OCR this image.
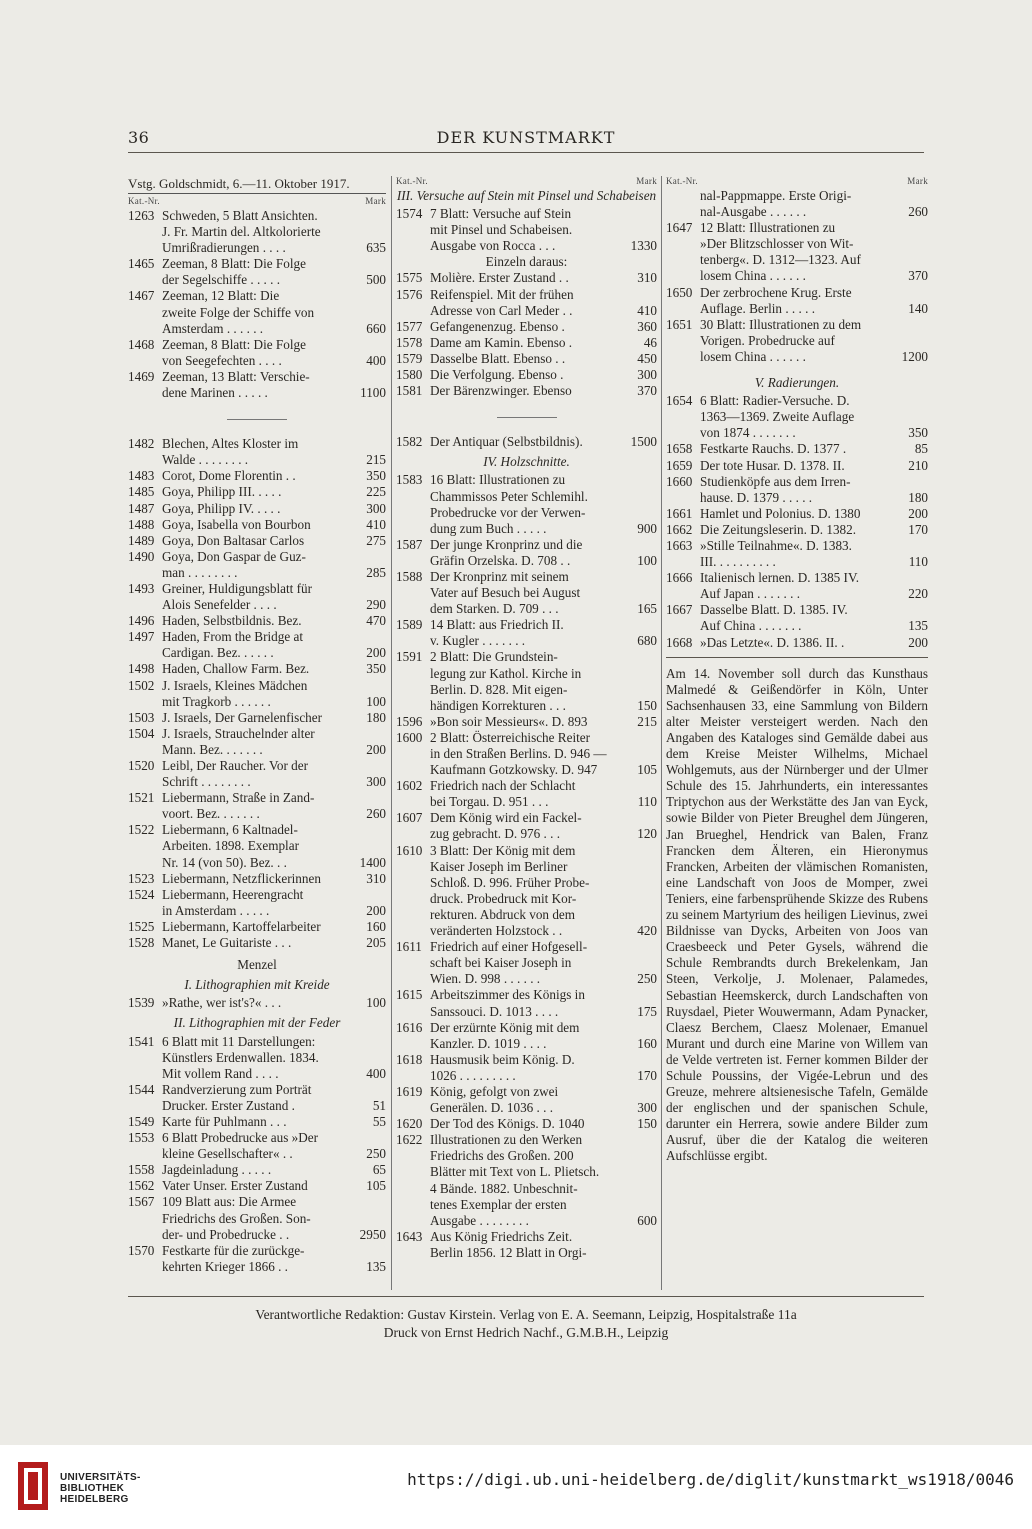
36	DER KUNSTMARKT
Vstg. Goldschmidt, 6.—11. Oktober 1917.
Kat.-Nr.	Mark
1263 Schweden, 5 Blatt Ansichten.
J. Fr. Martin del. Altkolorierte
Umrißradierungen . . . .	635
1465 Zeeman, 8 Blatt: Die Folge
der Segelschiffe . . . . .	500
1467 Zeeman, 12 Blatt: Die
zweite Folge der Schiffe von
Amsterdam . . . . . .	660
1468 Zeeman, 8 Blatt: Die Folge
von Seegefechten . . . .	400
1469 Zeeman, 13 Blatt: Verschie-
dene Marinen . . . . .	1100
1482 Blechen, Altes Kloster im
Walde . . . . . . . .	215
1483 Corot, Dome Florentin . .	350
1485 Goya, Philipp III. . . . .	225
1487 Goya, Philipp IV. . . . .	300
1488 Goya, Isabella von Bourbon	410
1489 Goya, Don Baltasar Carlos	275
1490 Goya, Don Gaspar de Guz-
man . . . . . . . .	285
1493 Greiner, Huldigungsblatt für
Alois Senefelder . . . .	290
1496 Haden, Selbstbildnis. Bez.	470
1497 Haden, From the Bridge at
Cardigan. Bez. . . . . .	200
1498 Haden, Challow Farm. Bez.	350
1502 J. Israels, Kleines Mädchen
mit Tragkorb . . . . . .	100
1503 J. Israels, Der Garnelenfischer	180
1504 J. Israels, Strauchelnder alter
Mann. Bez. . . . . . .	200
1520 Leibl, Der Raucher. Vor der
Schrift . . . . . . . .	300
1521 Liebermann, Straße in Zand-
voort. Bez. . . . . . .	260
1522 Liebermann, 6 Kaltnadel-
Arbeiten. 1898. Exemplar
Nr. 14 (von 50). Bez. . .	1400
1523 Liebermann, Netzflickerinnen	310
1524 Liebermann, Heerengracht
in Amsterdam . . . . .	200
1525 Liebermann, Kartoffelarbeiter	160
1528 Manet, Le Guitariste . . .	205
Menzel
I. Lithographien mit Kreide
1539 »Rathe, wer ist's?« . . .	100
II. Lithographien mit der Feder
1541 6 Blatt mit 11 Darstellungen:
Künstlers Erdenwallen. 1834.
Mit vollem Rand . . . .	400
1544 Randverzierung zum Porträt
Drucker. Erster Zustand .	51
1549 Karte für Puhlmann . . .	55
1553 6 Blatt Probedrucke aus »Der
kleine Gesellschafter« . .	250
1558 Jagdeinladung . . . . .	65
1562 Vater Unser. Erster Zustand	105
1567 109 Blatt aus: Die Armee
Friedrichs des Großen. Son-
der- und Probedrucke . .	2950
1570 Festkarte für die zurückge-
kehrten Krieger 1866 . .	135
Kat.-Nr.	Mark
III. Versuche auf Stein mit Pinsel und Schabeisen
1574 7 Blatt: Versuche auf Stein
mit Pinsel und Schabeisen.
Ausgabe von Rocca . . .	1330
Einzeln daraus:
1575 Molière. Erster Zustand . .	310
1576 Reifenspiel. Mit der frühen
Adresse von Carl Meder . .	410
1577 Gefangenenzug. Ebenso .	360
1578 Dame am Kamin. Ebenso .	46
1579 Dasselbe Blatt. Ebenso . .	450
1580 Die Verfolgung. Ebenso .	300
1581 Der Bärenzwinger. Ebenso	370
1582 Der Antiquar (Selbstbildnis).	1500
IV. Holzschnitte.
1583 16 Blatt: Illustrationen zu
Chammissos Peter Schlemihl.
Probedrucke vor der Verwen-
dung zum Buch . . . . .	900
1587 Der junge Kronprinz und die
Gräfin Orzelska. D. 708 . .	100
1588 Der Kronprinz mit seinem
Vater auf Besuch bei August
dem Starken. D. 709 . . .	165
1589 14 Blatt: aus Friedrich II.
v. Kugler . . . . . . .	680
1591 2 Blatt: Die Grundstein-
legung zur Kathol. Kirche in
Berlin. D. 828. Mit eigen-
händigen Korrekturen . . .	150
1596 »Bon soir Messieurs«. D. 893	215
1600 2 Blatt: Österreichische Reiter
in den Straßen Berlins. D. 946 —
Kaufmann Gotzkowsky. D. 947	105
1602 Friedrich nach der Schlacht
bei Torgau. D. 951 . . .	110
1607 Dem König wird ein Fackel-
zug gebracht. D. 976 . . .	120
1610 3 Blatt: Der König mit dem
Kaiser Joseph im Berliner
Schloß. D. 996. Früher Probe-
druck. Probedruck mit Kor-
rekturen. Abdruck von dem
veränderten Holzstock . .	420
1611 Friedrich auf einer Hofgesell-
schaft bei Kaiser Joseph in
Wien. D. 998 . . . . . .	250
1615 Arbeitszimmer des Königs in
Sanssouci. D. 1013 . . . .	175
1616 Der erzürnte König mit dem
Kanzler. D. 1019 . . . .	160
1618 Hausmusik beim König. D.
1026 . . . . . . . . .	170
1619 König, gefolgt von zwei
Generälen. D. 1036 . . .	300
1620 Der Tod des Königs. D. 1040	150
1622 Illustrationen zu den Werken
Friedrichs des Großen. 200
Blätter mit Text von L. Plietsch.
4 Bände. 1882. Unbeschnit-
tenes Exemplar der ersten
Ausgabe . . . . . . . .	600
1643 Aus König Friedrichs Zeit.
Berlin 1856. 12 Blatt in Orgi-
Kat.-Nr.	Mark
nal-Pappmappe. Erste Origi-
nal-Ausgabe . . . . . .	260
1647 12 Blatt: Illustrationen zu
»Der Blitzschlosser von Wit-
tenberg«. D. 1312—1323. Auf
losem China . . . . . .	370
1650 Der zerbrochene Krug. Erste
Auflage. Berlin . . . . .	140
1651 30 Blatt: Illustrationen zu dem
Vorigen. Probedrucke auf
losem China . . . . . .	1200
V. Radierungen.
1654 6 Blatt: Radier-Versuche. D.
1363—1369. Zweite Auflage
von 1874 . . . . . . .	350
1658 Festkarte Rauchs. D. 1377 .	85
1659 Der tote Husar. D. 1378. II.	210
1660 Studienköpfe aus dem Irren-
hause. D. 1379 . . . . .	180
1661 Hamlet und Polonius. D. 1380	200
1662 Die Zeitungsleserin. D. 1382.	170
1663 »Stille Teilnahme«. D. 1383.
III. . . . . . . . . .	110
1666 Italienisch lernen. D. 1385 IV.
Auf Japan . . . . . . .	220
1667 Dasselbe Blatt. D. 1385. IV.
Auf China . . . . . . .	135
1668 »Das Letzte«. D. 1386. II. .	200
Am 14. November soll durch das Kunsthaus Malmedé & Geißendörfer in Köln, Unter Sachsenhausen 33, eine Sammlung von Bildern alter Meister versteigert werden. Nach den Angaben des Kataloges sind Gemälde dabei aus dem Kreise Meister Wilhelms, Michael Wohlgemuts, aus der Nürnberger und der Ulmer Schule des 15. Jahrhunderts, ein interessantes Triptychon aus der Werkstätte des Jan van Eyck, sowie Bilder von Pieter Breughel dem Jüngeren, Jan Brueghel, Hendrick van Balen, Franz Francken dem Älteren, ein Hieronymus Francken, Arbeiten der vlämischen Romanisten, eine Landschaft von Joos de Momper, zwei Teniers, eine farbensprühende Skizze des Rubens zu seinem Martyrium des heiligen Lievinus, zwei Bildnisse van Dycks, Arbeiten von Joos van Craesbeeck und Peter Gysels, während die Schule Rembrandts durch Brekelenkam, Jan Steen, Verkolje, J. Molenaer, Palamedes, Sebastian Heemskerck, durch Landschaften von Ruysdael, Pieter Wouwermann, Adam Pynacker, Claesz Berchem, Claesz Molenaer, Emanuel Murant und durch eine Marine von Willem van de Velde vertreten ist. Ferner kommen Bilder der Schule Poussins, der Vigée-Lebrun und des Greuze, mehrere altsienesische Tafeln, Gemälde der englischen und der spanischen Schule, darunter ein Herrera, sowie andere Bilder zum Ausruf, über die der Katalog die weiteren Aufschlüsse ergibt.
Verantwortliche Redaktion: Gustav Kirstein. Verlag von E. A. Seemann, Leipzig, Hospitalstraße 11a
Druck von Ernst Hedrich Nachf., G.M.B.H., Leipzig
UNIVERSITÄTS-
BIBLIOTHEK
HEIDELBERG
https://digi.ub.uni-heidelberg.de/diglit/kunstmarkt_ws1918/0046
